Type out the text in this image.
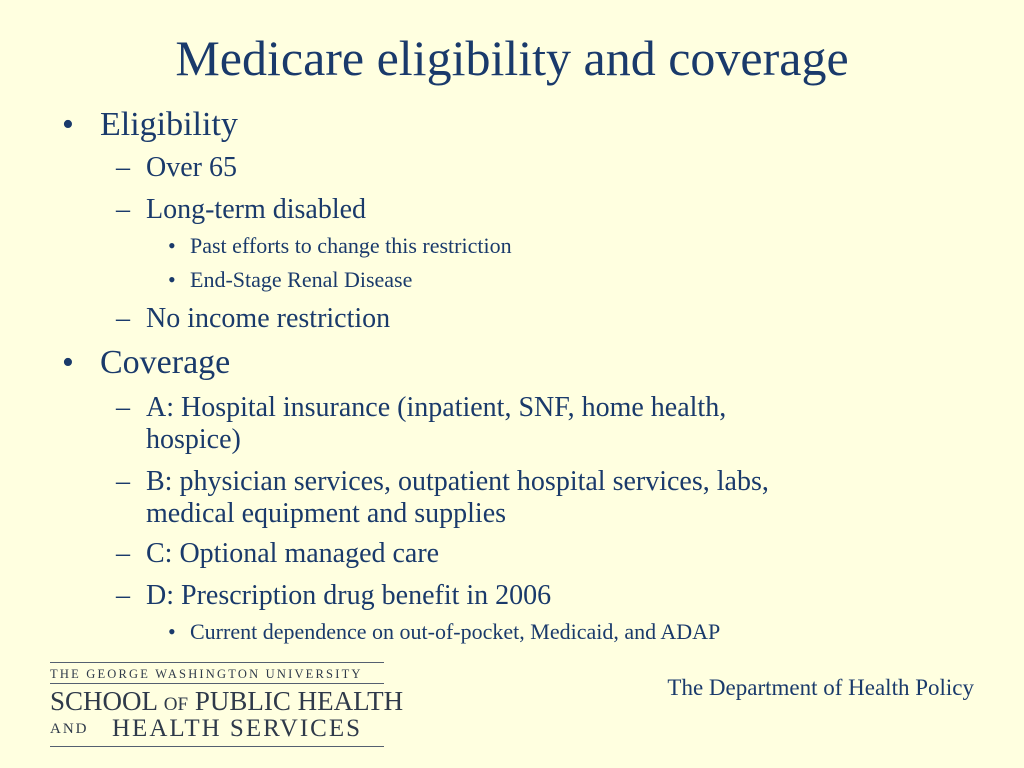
Medicare eligibility and coverage
• Eligibility
– Over 65
– Long-term disabled
• Past efforts to change this restriction
• End-Stage Renal Disease
– No income restriction
• Coverage
– A: Hospital insurance (inpatient, SNF, home health,
hospice)
– B: physician services, outpatient hospital services, labs,
medical equipment and supplies
– C: Optional managed care
– D: Prescription drug benefit in 2006
• Current dependence on out-of-pocket, Medicaid, and ADAP
THE GEORGE WASHINGTON UNIVERSITY
SCHOOL OF PUBLIC HEALTH
AND HEALTH SERVICES
The Department of Health Policy
